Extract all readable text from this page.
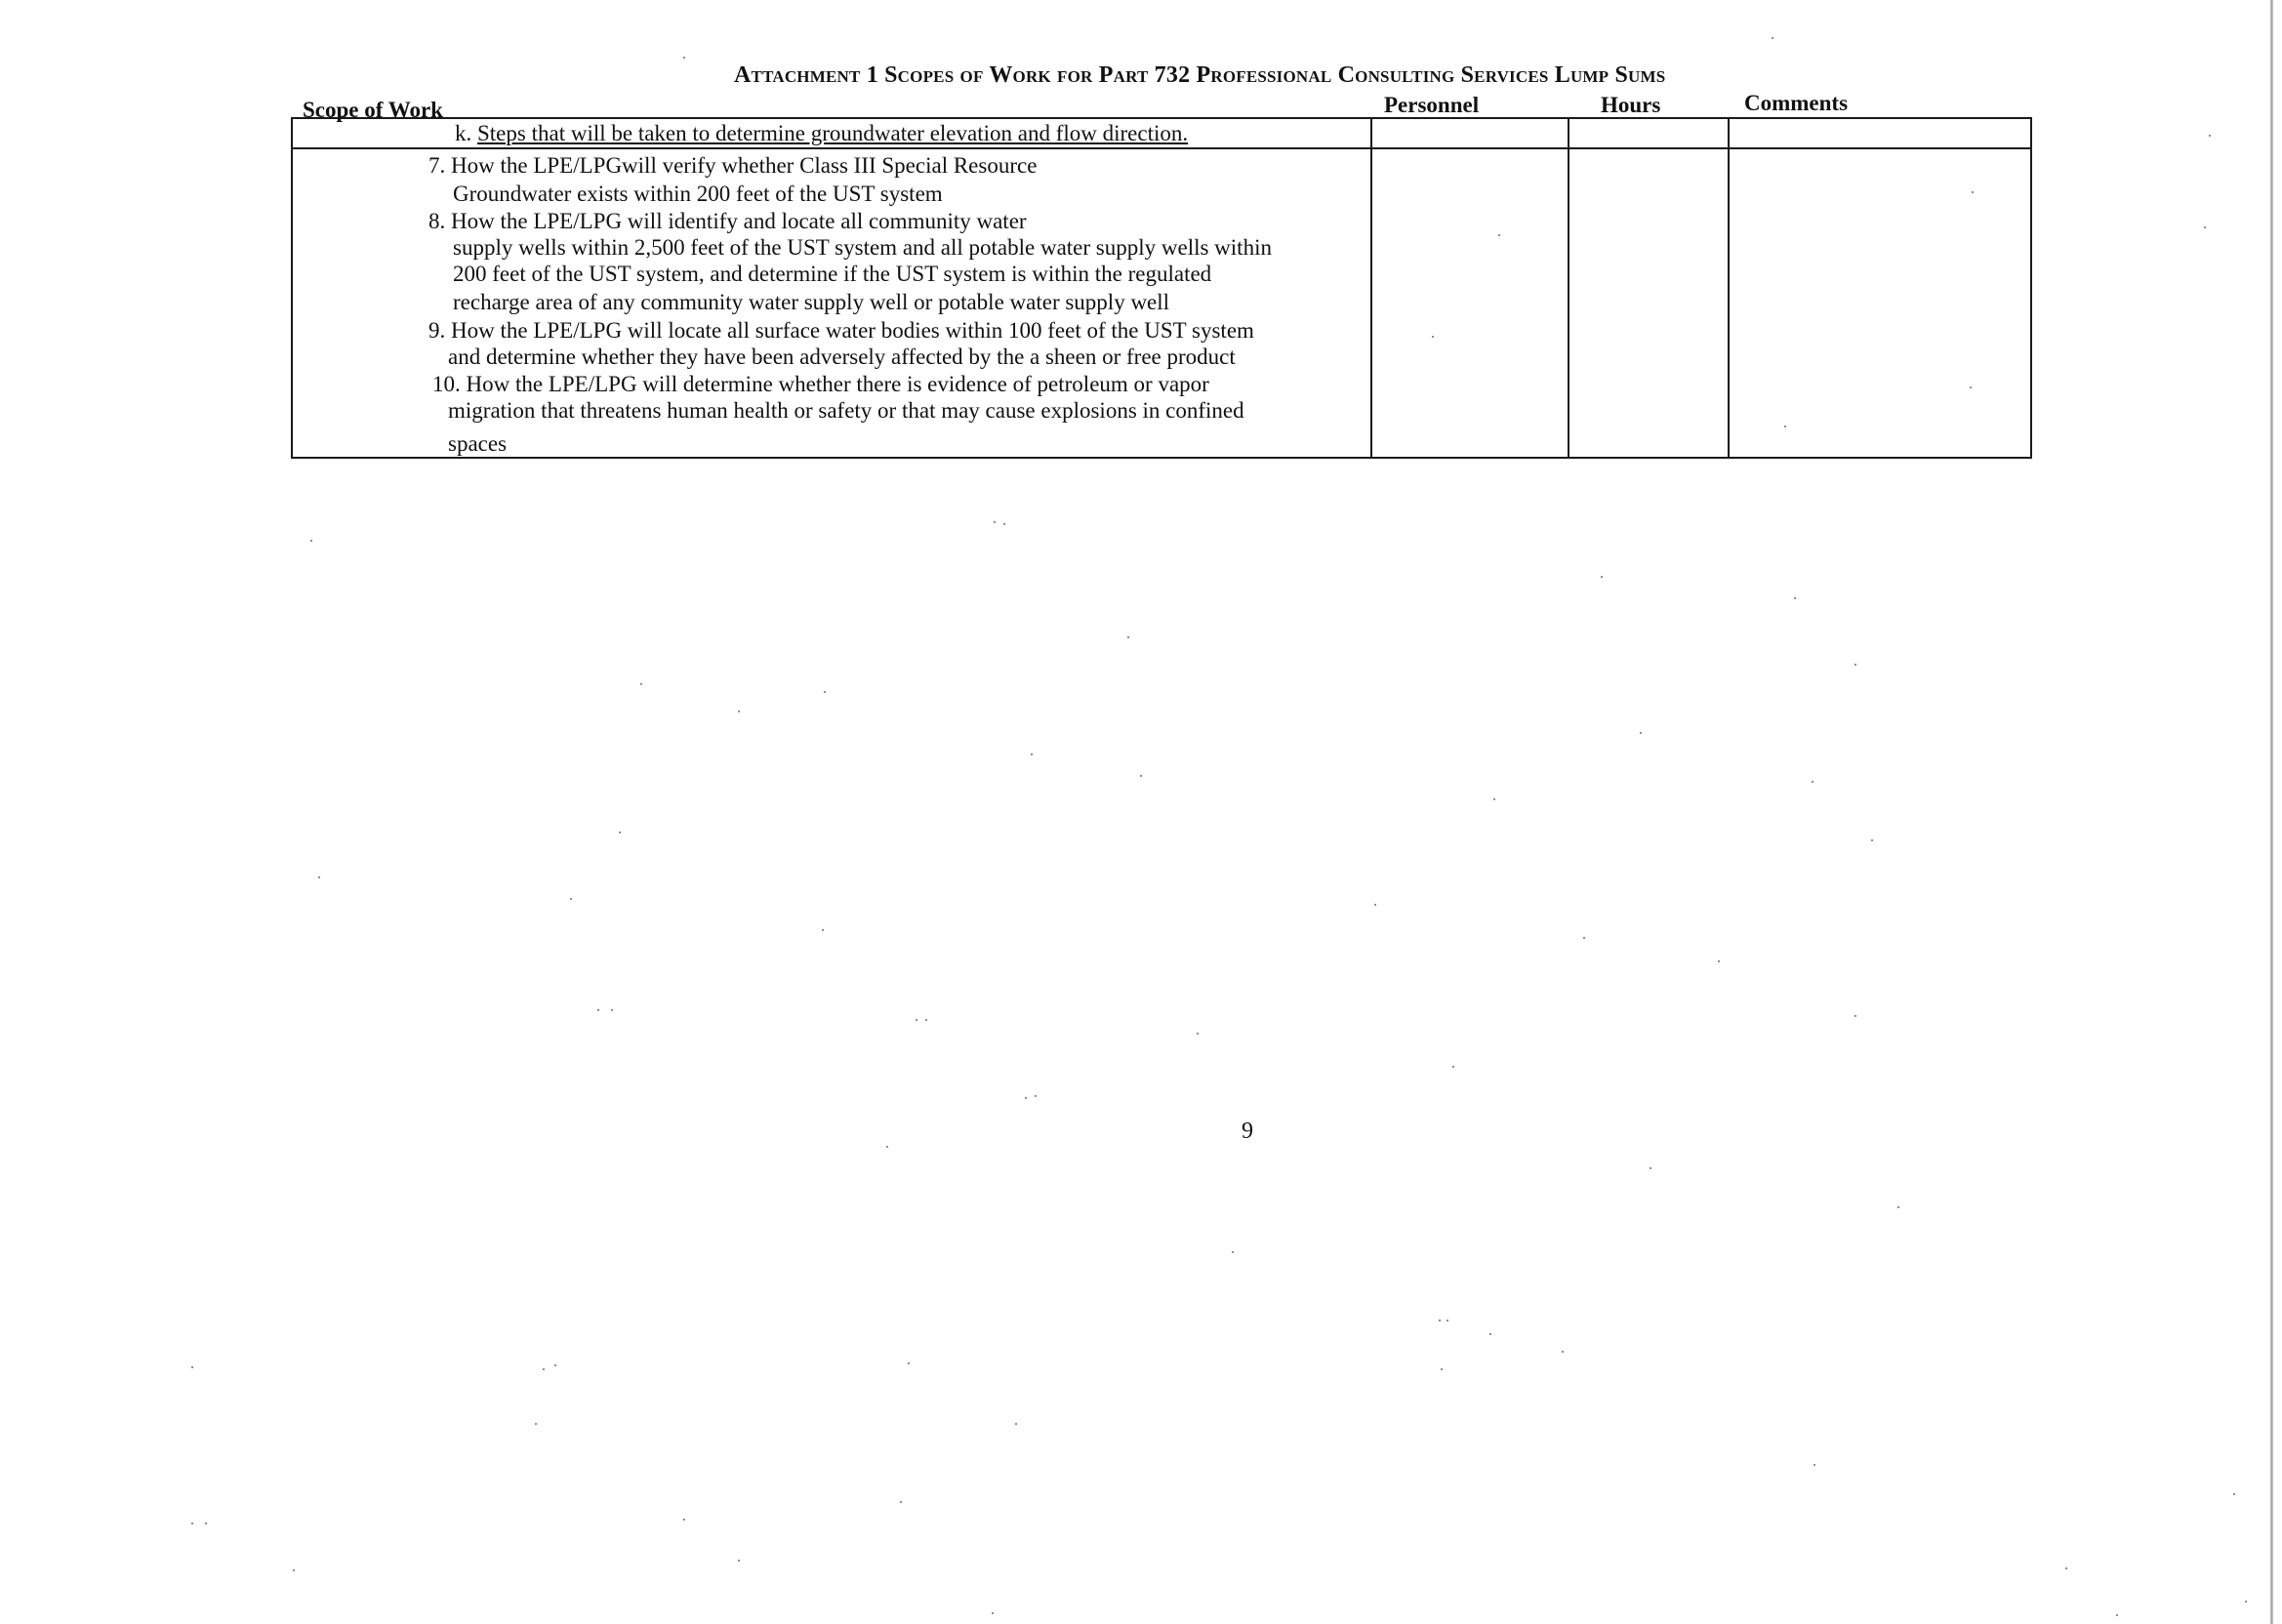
Attachment 1 Scopes of Work for Part 732 Professional Consulting Services Lump Sums
Scope of Work	Personnel	Hours	Comments
k. Steps that will be taken to determine groundwater elevation and flow direction.
7. How the LPE/LPGwill verify whether Class III Special Resource
Groundwater exists within 200 feet of the UST system
8. How the LPE/LPG will identify and locate all community water
supply wells within 2,500 feet of the UST system and all potable water supply wells within
200 feet of the UST system, and determine if the UST system is within the regulated
recharge area of any community water supply well or potable water supply well
9. How the LPE/LPG will locate all surface water bodies within 100 feet of the UST system
and determine whether they have been adversely affected by the a sheen or free product
10. How the LPE/LPG will determine whether there is evidence of petroleum or vapor
migration that threatens human health or safety or that may cause explosions in confined
spaces
9
